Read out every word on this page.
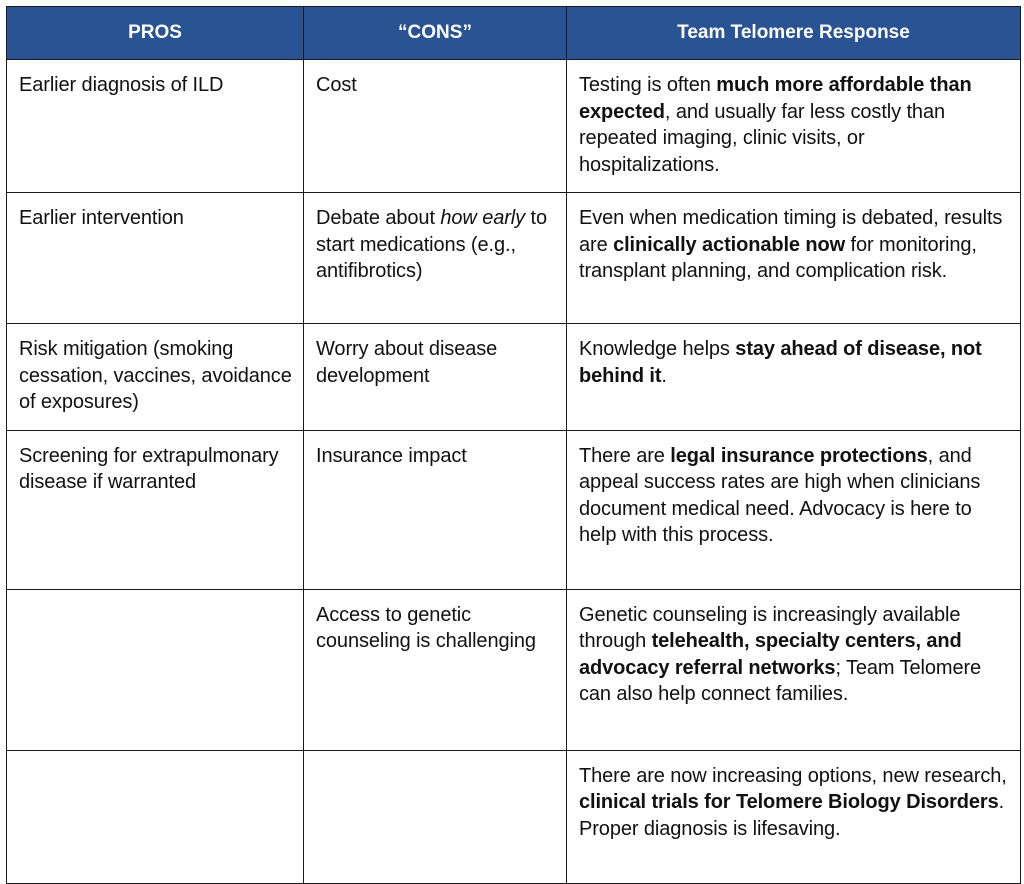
PROS	“CONS”	Team Telomere Response
Earlier diagnosis of ILD	Cost	Testing is often much more affordable than expected, and usually far less costly than repeated imaging, clinic visits, or hospitalizations.
Earlier intervention	Debate about how early to start medications (e.g., antifibrotics)	Even when medication timing is debated, results are clinically actionable now for monitoring, transplant planning, and complication risk.
Risk mitigation (smoking cessation, vaccines, avoidance of exposures)	Worry about disease development	Knowledge helps stay ahead of disease, not behind it.
Screening for extrapulmonary disease if warranted	Insurance impact	There are legal insurance protections, and appeal success rates are high when clinicians document medical need. Advocacy is here to help with this process.
	Access to genetic counseling is challenging	Genetic counseling is increasingly available through telehealth, specialty centers, and advocacy referral networks; Team Telomere can also help connect families.
		There are now increasing options, new research, clinical trials for Telomere Biology Disorders. Proper diagnosis is lifesaving.
